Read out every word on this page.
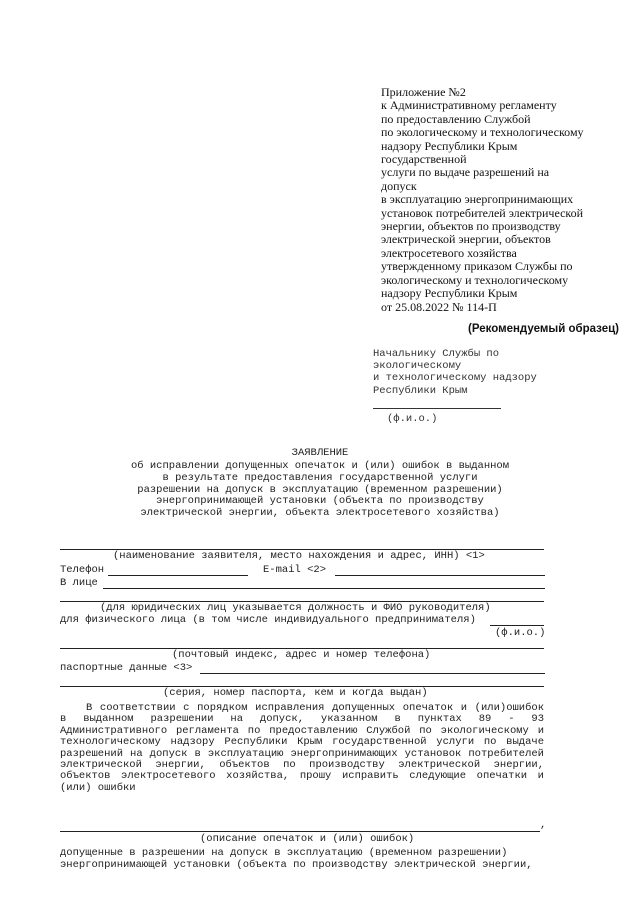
Приложение №2
к Административному регламенту
по предоставлению Службой
по экологическому и технологическому
надзору Республики Крым
государственной
услуги по выдаче разрешений на
допуск
в эксплуатацию энергопринимающих
установок потребителей электрической
энергии, объектов по производству
электрической энергии, объектов
электросетевого хозяйства
утвержденному приказом Службы по
экологическому и технологическому
надзору Республики Крым
от 25.08.2022 № 114-П
(Рекомендуемый образец)
Начальнику Службы по
экологическому
и технологическому надзору
Республики Крым
(ф.и.о.)
ЗАЯВЛЕНИЕ
об исправлении допущенных опечаток и (или) ошибок в выданном
в результате предоставления государственной услуги
разрешении на допуск в эксплуатацию (временном разрешении)
энергопринимающей установки (объекта по производству
электрической энергии, объекта электросетевого хозяйства)
(наименование заявителя, место нахождения и адрес, ИНН) <1>
Телефон	E-mail <2>
В лице
(для юридических лиц указывается должность и ФИО руководителя)
для физического лица (в том числе индивидуального предпринимателя)
(ф.и.о.)
(почтовый индекс, адрес и номер телефона)
паспортные данные <3>
(серия, номер паспорта, кем и когда выдан)
В соответствии с порядком исправления допущенных опечаток и (или)ошибок в выданном разрешении на допуск, указанном в пунктах 89 - 93 Административного регламента по предоставлению Службой по экологическому и технологическому надзору Республики Крым государственной услуги по выдаче разрешений на допуск в эксплуатацию энергопринимающих установок потребителей электрической энергии, объектов по производству электрической энергии, объектов электросетевого хозяйства, прошу исправить следующие опечатки и (или) ошибки
,
(описание опечаток и (или) ошибок)
допущенные в разрешении на допуск в эксплуатацию (временном разрешении)
энергопринимающей установки (объекта по производству электрической энергии,
